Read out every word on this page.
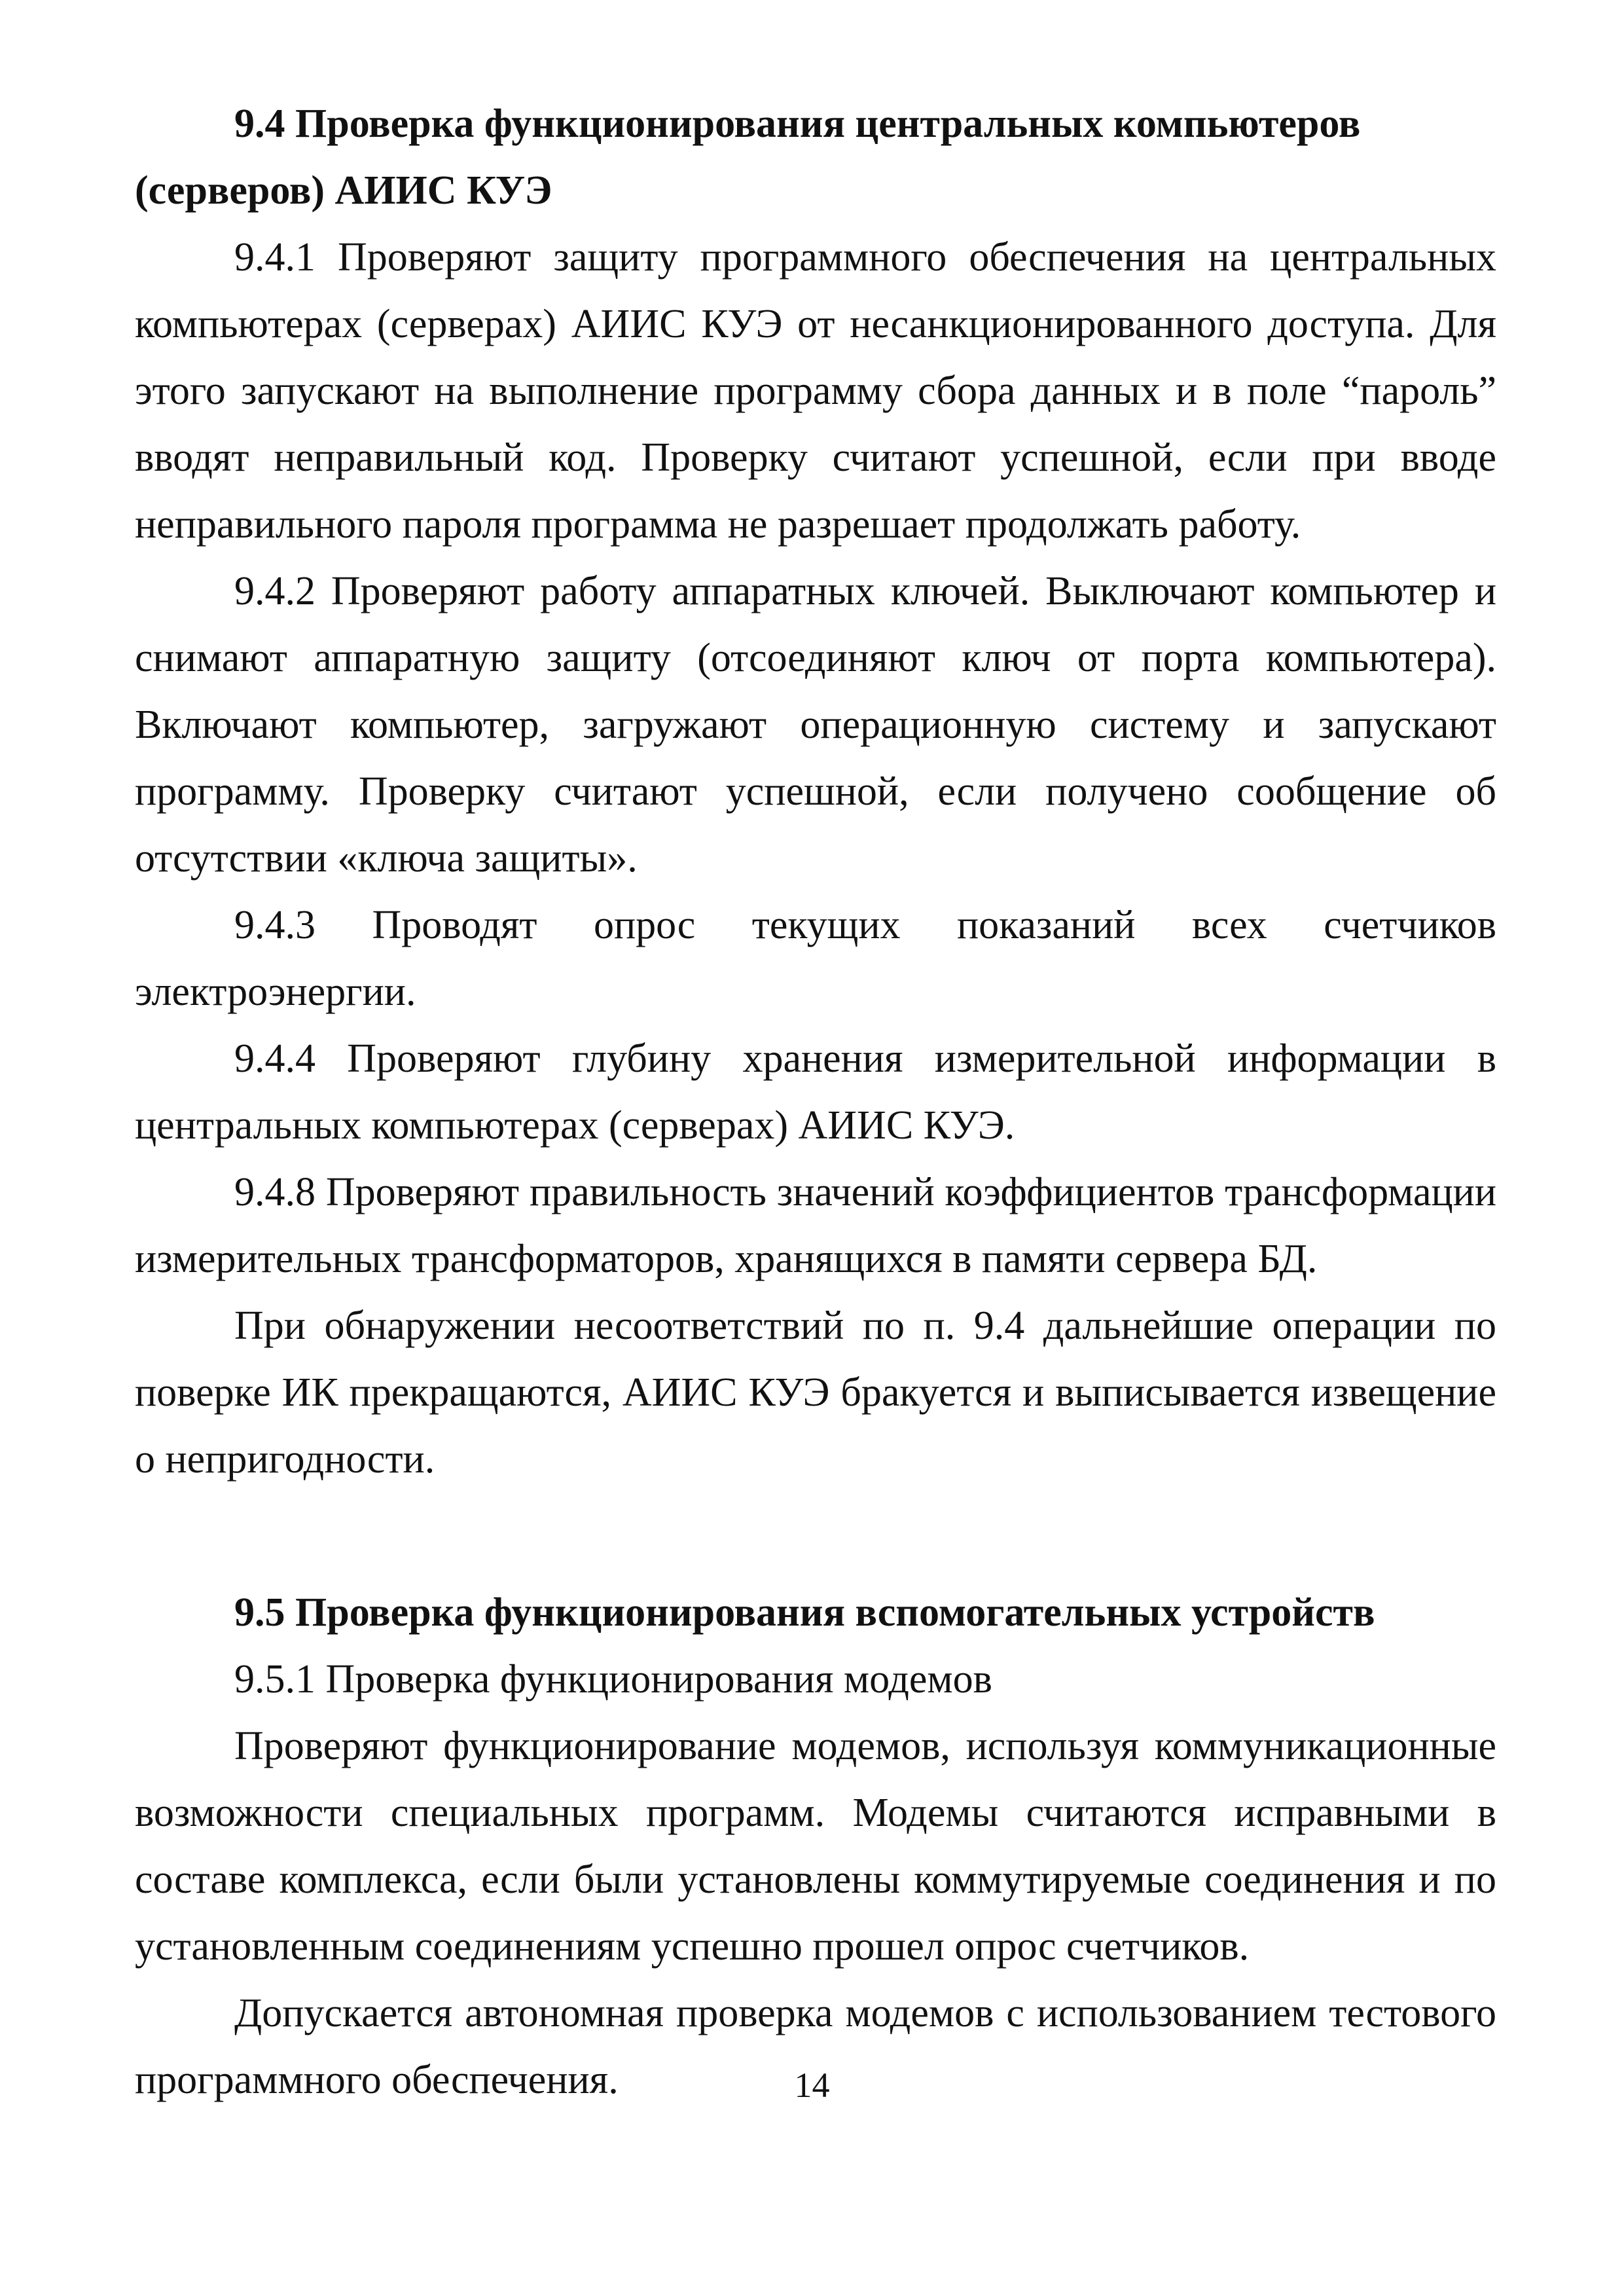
9.4 Проверка функционирования центральных компьютеров (серверов) АИИС КУЭ

9.4.1 Проверяют защиту программного обеспечения на центральных компьютерах (серверах) АИИС КУЭ от несанкционированного доступа. Для этого запускают на выполнение программу сбора данных и в поле “пароль” вводят неправильный код. Проверку считают успешной, если при вводе неправильного пароля программа не разрешает продолжать работу.

9.4.2 Проверяют работу аппаратных ключей. Выключают компьютер и снимают аппаратную защиту (отсоединяют ключ от порта компьютера). Включают компьютер, загружают операционную систему и запускают программу. Проверку считают успешной, если получено сообщение об отсутствии «ключа защиты».

9.4.3 Проводят опрос текущих показаний всех счетчиков электроэнергии.

9.4.4 Проверяют глубину хранения измерительной информации в центральных компьютерах (серверах) АИИС КУЭ.

9.4.8 Проверяют правильность значений коэффициентов трансформации измерительных трансформаторов, хранящихся в памяти сервера БД.

При обнаружении несоответствий по п. 9.4 дальнейшие операции по поверке ИК прекращаются, АИИС КУЭ бракуется и выписывается извещение о непригодности.

9.5 Проверка функционирования вспомогательных устройств

9.5.1 Проверка функционирования модемов

Проверяют функционирование модемов, используя коммуникационные возможности специальных программ. Модемы считаются исправными в составе комплекса, если были установлены коммутируемые соединения и по установленным соединениям успешно прошел опрос счетчиков.

Допускается автономная проверка модемов с использованием тестового программного обеспечения.	14
